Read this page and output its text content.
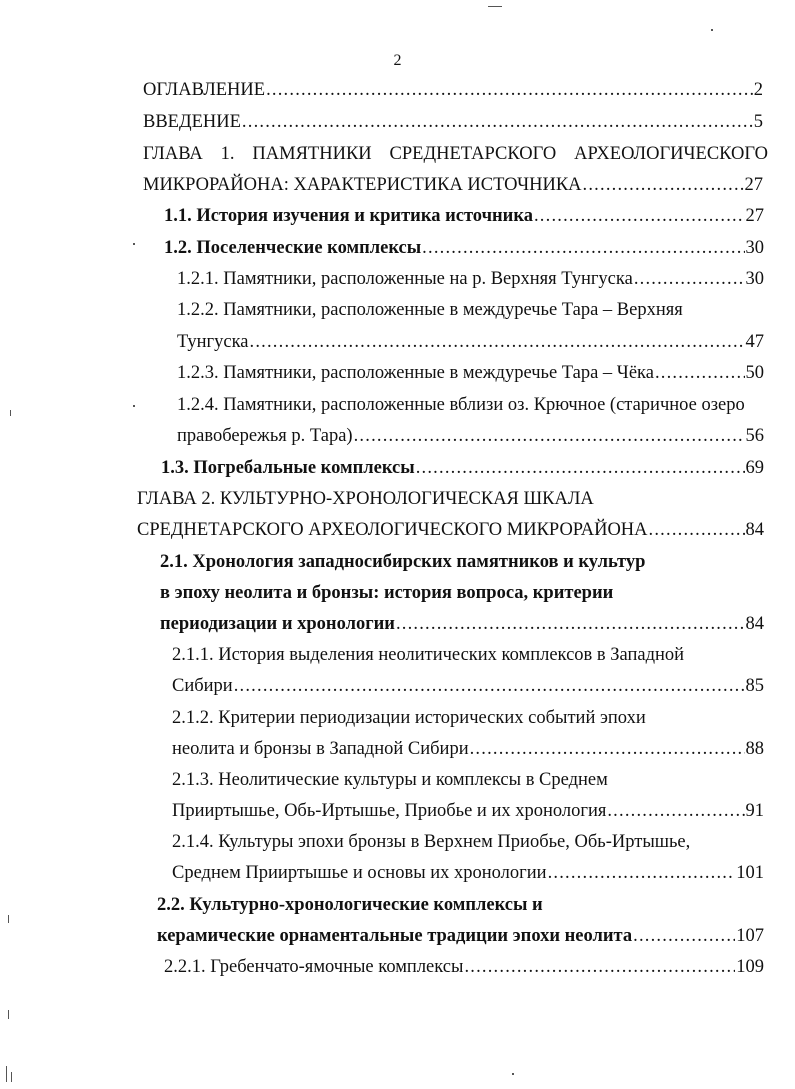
2
ОГЛАВЛЕНИЕ .....	2
ВВЕДЕНИЕ .....	5
ГЛАВА 1. ПАМЯТНИКИ СРЕДНЕТАРСКОГО АРХЕОЛОГИЧЕСКОГО
МИКРОРАЙОНА: ХАРАКТЕРИСТИКА ИСТОЧНИКА .....	27
1.1. История изучения и критика источника .....	27
1.2. Поселенческие комплексы .....	30
1.2.1. Памятники, расположенные на р. Верхняя Тунгуска .....	30
1.2.2. Памятники, расположенные в междуречье Тара – Верхняя
Тунгуска .....	47
1.2.3. Памятники, расположенные в междуречье Тара – Чёка .....	50
1.2.4. Памятники, расположенные вблизи оз. Крючное (старичное озеро
правобережья р. Тара) .....	56
1.3. Погребальные комплексы .....	69
ГЛАВА 2. КУЛЬТУРНО-ХРОНОЛОГИЧЕСКАЯ ШКАЛА
СРЕДНЕТАРСКОГО АРХЕОЛОГИЧЕСКОГО МИКРОРАЙОНА .....	84
2.1. Хронология западносибирских памятников и культур
в эпоху неолита и бронзы: история вопроса, критерии
периодизации и хронологии .....	84
2.1.1. История выделения неолитических комплексов в Западной
Сибири .....	85
2.1.2. Критерии периодизации исторических событий эпохи
неолита и бронзы в Западной Сибири .....	88
2.1.3. Неолитические культуры и комплексы в Среднем
Прииртышье, Обь-Иртышье, Приобье и их хронология .....	91
2.1.4. Культуры эпохи бронзы в Верхнем Приобье, Обь-Иртышье,
Среднем Прииртышье и основы их хронологии .....	101
2.2. Культурно-хронологические комплексы и
керамические орнаментальные традиции эпохи неолита .....	107
2.2.1. Гребенчато-ямочные комплексы .....	109
